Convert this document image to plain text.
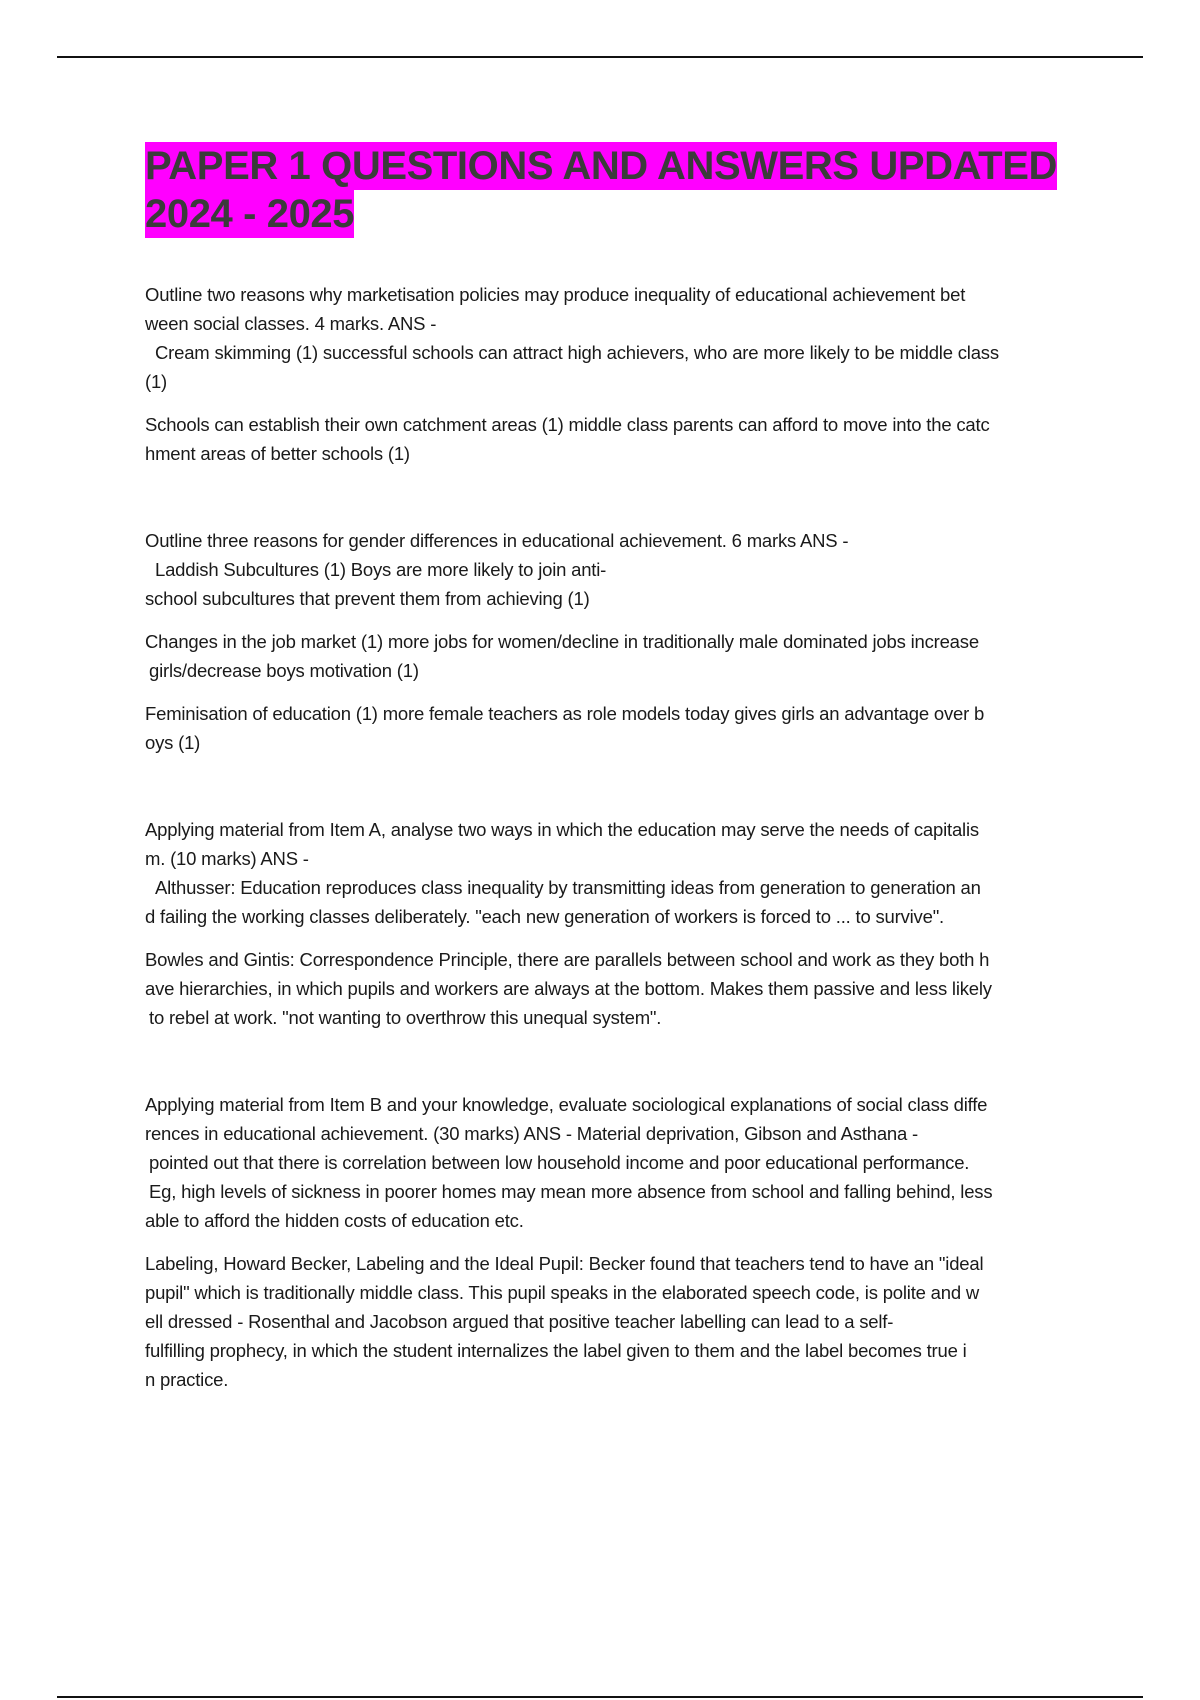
PAPER 1 QUESTIONS AND ANSWERS UPDATED
2024 - 2025

Outline two reasons why marketisation policies may produce inequality of educational achievement bet
ween social classes. 4 marks. ANS -

Cream skimming (1) successful schools can attract high achievers, who are more likely to be middle class
(1)

Schools can establish their own catchment areas (1) middle class parents can afford to move into the catc
hment areas of better schools (1)

Outline three reasons for gender differences in educational achievement. 6 marks ANS -

Laddish Subcultures (1) Boys are more likely to join anti-
school subcultures that prevent them from achieving (1)

Changes in the job market (1) more jobs for women/decline in traditionally male dominated jobs increase
girls/decrease boys motivation (1)

Feminisation of education (1) more female teachers as role models today gives girls an advantage over b
oys (1)

Applying material from Item A, analyse two ways in which the education may serve the needs of capitalis
m. (10 marks) ANS -

Althusser: Education reproduces class inequality by transmitting ideas from generation to generation an
d failing the working classes deliberately. "each new generation of workers is forced to ... to survive".

Bowles and Gintis: Correspondence Principle, there are parallels between school and work as they both h
ave hierarchies, in which pupils and workers are always at the bottom. Makes them passive and less likely
to rebel at work. "not wanting to overthrow this unequal system".

Applying material from Item B and your knowledge, evaluate sociological explanations of social class diffe
rences in educational achievement. (30 marks) ANS - Material deprivation, Gibson and Asthana -

pointed out that there is correlation between low household income and poor educational performance.
Eg, high levels of sickness in poorer homes may mean more absence from school and falling behind, less
able to afford the hidden costs of education etc.

Labeling, Howard Becker, Labeling and the Ideal Pupil: Becker found that teachers tend to have an "ideal
pupil" which is traditionally middle class. This pupil speaks in the elaborated speech code, is polite and w
ell dressed - Rosenthal and Jacobson argued that positive teacher labelling can lead to a self-
fulfilling prophecy, in which the student internalizes the label given to them and the label becomes true i
n practice.
